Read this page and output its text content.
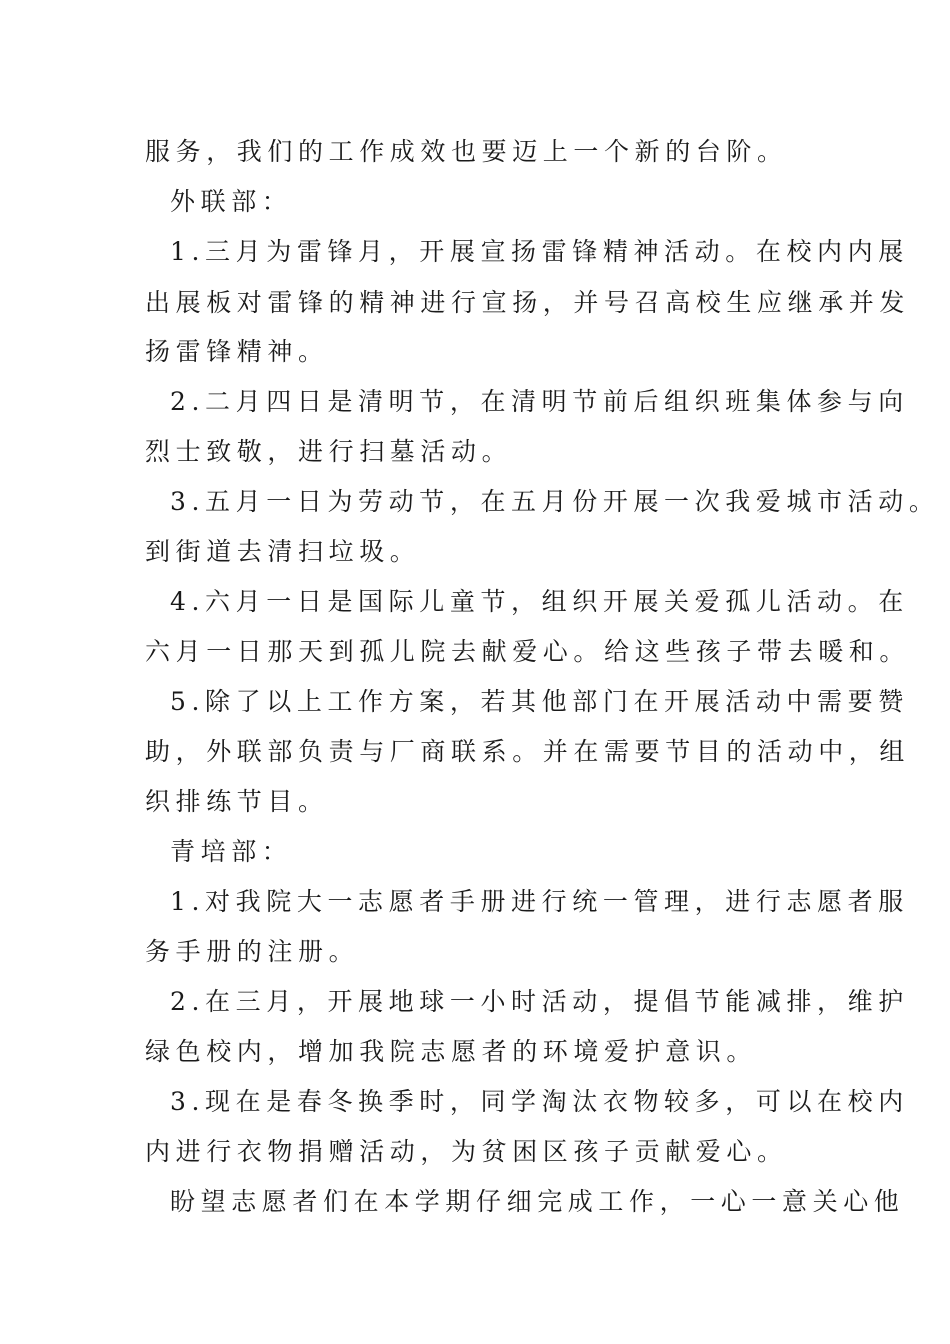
服务，我们的工作成效也要迈上一个新的台阶。
外联部：
1.三月为雷锋月，开展宣扬雷锋精神活动。在校内内展
出展板对雷锋的精神进行宣扬，并号召高校生应继承并发
扬雷锋精神。
2.二月四日是清明节，在清明节前后组织班集体参与向
烈士致敬，进行扫墓活动。
3.五月一日为劳动节，在五月份开展一次我爱城市活动。
到街道去清扫垃圾。
4.六月一日是国际儿童节，组织开展关爱孤儿活动。在
六月一日那天到孤儿院去献爱心。给这些孩子带去暖和。
5.除了以上工作方案，若其他部门在开展活动中需要赞
助，外联部负责与厂商联系。并在需要节目的活动中，组
织排练节目。
青培部：
1.对我院大一志愿者手册进行统一管理，进行志愿者服
务手册的注册。
2.在三月，开展地球一小时活动，提倡节能减排，维护
绿色校内，增加我院志愿者的环境爱护意识。
3.现在是春冬换季时，同学淘汰衣物较多，可以在校内
内进行衣物捐赠活动，为贫困区孩子贡献爱心。
盼望志愿者们在本学期仔细完成工作，一心一意关心他
